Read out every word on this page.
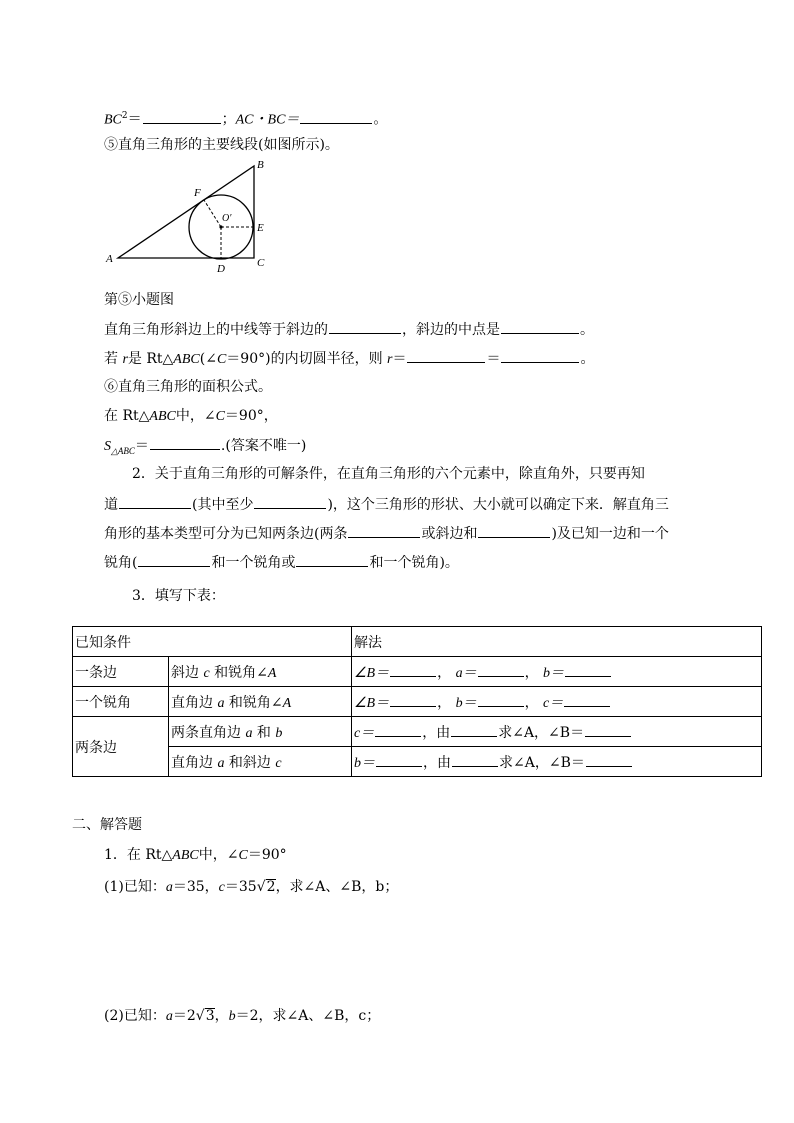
$BC^2=$	；AC・BC＝	。
⑤直角三角形的主要线段(如图所示)。
A
B
C
D
E
F
O′
第⑤小题图
直角三角形斜边上的中线等于斜边的	，斜边的中点是	。
若 r是 Rt△ABC(∠C＝90°)的内切圆半径，则 r＝	＝	。
⑥直角三角形的面积公式。
在 Rt△ABC中，∠C＝90°，
$S_{\triangle ABC}=$	.(答案不唯一)
2．关于直角三角形的可解条件，在直角三角形的六个元素中，除直角外，只要再知
道	(其中至少	)，这个三角形的形状、大小就可以确定下来．解直角三
角形的基本类型可分为已知两条边(两条	或斜边和	)及已知一边和一个
锐角(	和一个锐角或	和一个锐角)。
3．填写下表：
已知条件		解法
一条边	斜边 c 和锐角∠A	∠B＝ ， a＝ ， b＝
一个锐角	直角边 a 和锐角∠A	∠B＝ ， b＝ ， c＝
两条边	两条直角边 a 和 b	c＝ ，由 求∠A，∠B＝
	直角边 a 和斜边 c	b＝ ，由 求∠A，∠B＝
二、解答题
1．在 Rt△ABC中，∠C＝90°
(1)已知：a＝35，c＝35√2，求∠A、∠B，b；
(2)已知：a＝2√3，b＝2，求∠A、∠B，c；
